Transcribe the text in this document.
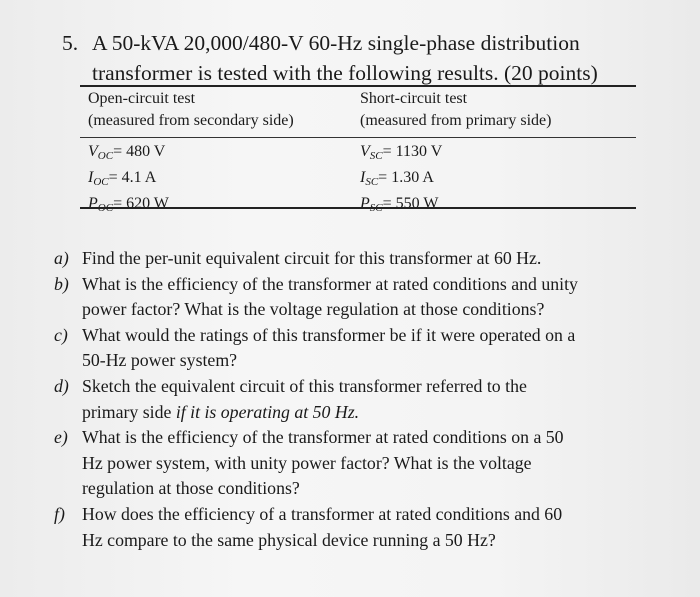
5. A 50-kVA 20,000/480-V 60-Hz single-phase distribution
transformer is tested with the following results. (20 points)
Open-circuit test
(measured from secondary side)
Short-circuit test
(measured from primary side)
$V_{OC}= 480$ V
$I_{OC}= 4.1$ A
$P_{OC}= 620$ W
$V_{SC}= 1130$ V
$I_{SC}= 1.30$ A
$P_{SC}= 550$ W
a) Find the per-unit equivalent circuit for this transformer at 60 Hz.
b) What is the efficiency of the transformer at rated conditions and unity
power factor? What is the voltage regulation at those conditions?
c) What would the ratings of this transformer be if it were operated on a
50-Hz power system?
d) Sketch the equivalent circuit of this transformer referred to the
primary side if it is operating at 50 Hz.
e) What is the efficiency of the transformer at rated conditions on a 50
Hz power system, with unity power factor? What is the voltage
regulation at those conditions?
f) How does the efficiency of a transformer at rated conditions and 60
Hz compare to the same physical device running a 50 Hz?
